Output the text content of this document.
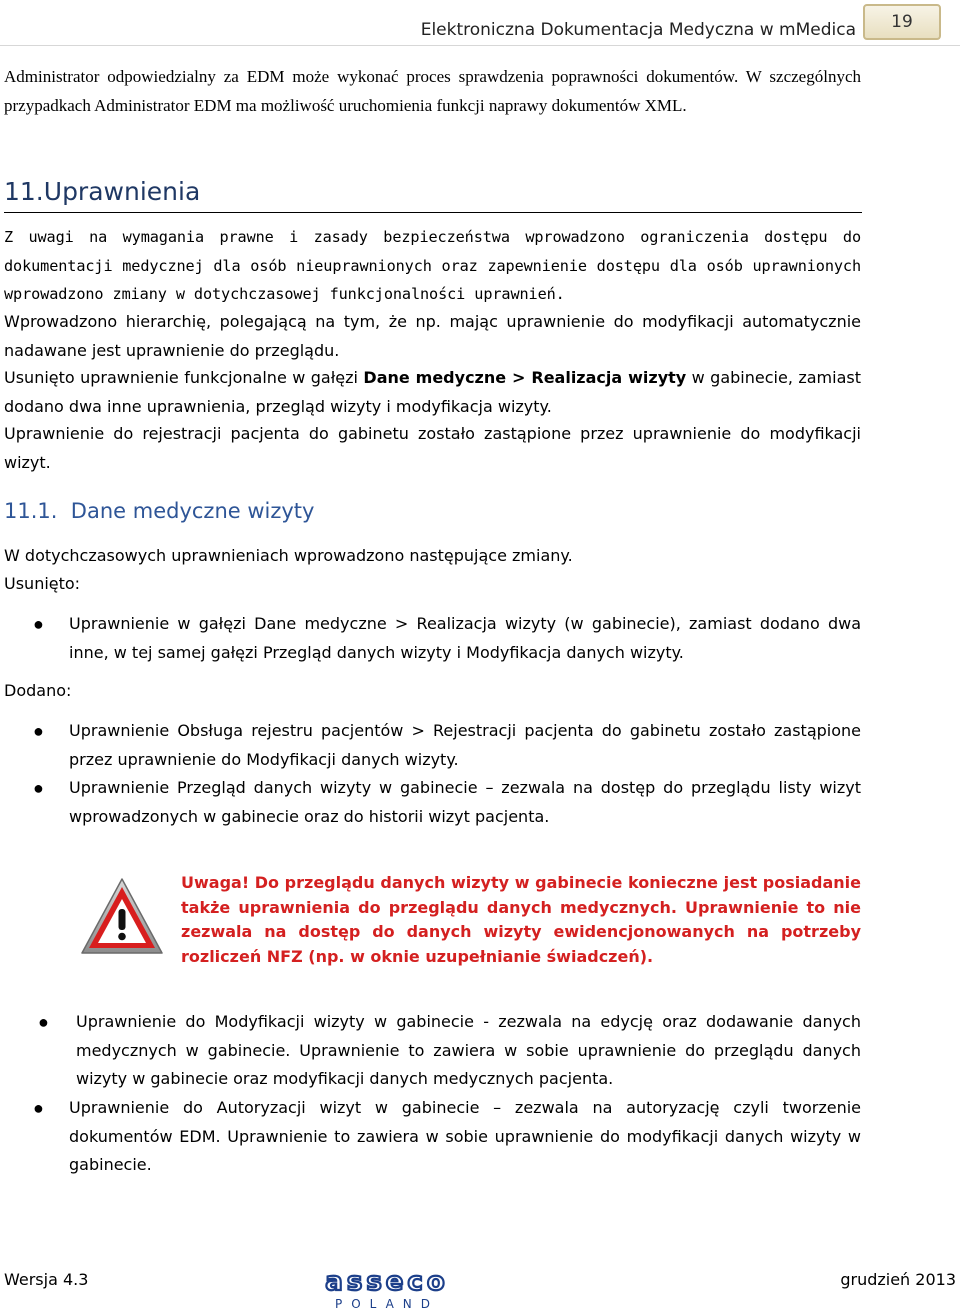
Elektroniczna Dokumentacja Medyczna w mMedica	19
Administrator odpowiedzialny za EDM może wykonać proces sprawdzenia poprawności dokumentów. W szczególnych przypadkach Administrator EDM ma możliwość uruchomienia funkcji naprawy dokumentów XML.
11.Uprawnienia
Z uwagi na wymagania prawne i zasady bezpieczeństwa wprowadzono ograniczenia dostępu do dokumentacji medycznej dla osób nieuprawnionych oraz zapewnienie dostępu dla osób uprawnionych wprowadzono zmiany w dotychczasowej funkcjonalności uprawnień.
Wprowadzono hierarchię, polegającą na tym, że np. mając uprawnienie do modyfikacji automatycznie nadawane jest uprawnienie do przeglądu.
Usunięto uprawnienie funkcjonalne w gałęzi Dane medyczne > Realizacja wizyty w gabinecie, zamiast dodano dwa inne uprawnienia, przegląd wizyty i modyfikacja wizyty.
Uprawnienie do rejestracji pacjenta do gabinetu zostało zastąpione przez uprawnienie do modyfikacji wizyt.
11.1. Dane medyczne wizyty
W dotychczasowych uprawnieniach wprowadzono następujące zmiany.
Usunięto:
● Uprawnienie w gałęzi Dane medyczne > Realizacja wizyty (w gabinecie), zamiast dodano dwa inne, w tej samej gałęzi Przegląd danych wizyty i Modyfikacja danych wizyty.
Dodano:
● Uprawnienie Obsługa rejestru pacjentów > Rejestracji pacjenta do gabinetu zostało zastąpione przez uprawnienie do Modyfikacji danych wizyty.
● Uprawnienie Przegląd danych wizyty w gabinecie – zezwala na dostęp do przeglądu listy wizyt wprowadzonych w gabinecie oraz do historii wizyt pacjenta.
Uwaga! Do przeglądu danych wizyty w gabinecie konieczne jest posiadanie także uprawnienia do przeglądu danych medycznych. Uprawnienie to nie zezwala na dostęp do danych wizyty ewidencjonowanych na potrzeby rozliczeń NFZ (np. w oknie uzupełnianie świadczeń).
● Uprawnienie do Modyfikacji wizyty w gabinecie - zezwala na edycję oraz dodawanie danych medycznych w gabinecie. Uprawnienie to zawiera w sobie uprawnienie do przeglądu danych wizyty w gabinecie oraz modyfikacji danych medycznych pacjenta.
● Uprawnienie do Autoryzacji wizyt w gabinecie – zezwala na autoryzację czyli tworzenie dokumentów EDM. Uprawnienie to zawiera w sobie uprawnienie do modyfikacji danych wizyty w gabinecie.
Wersja 4.3	asseco
POLAND
grudzień 2013
